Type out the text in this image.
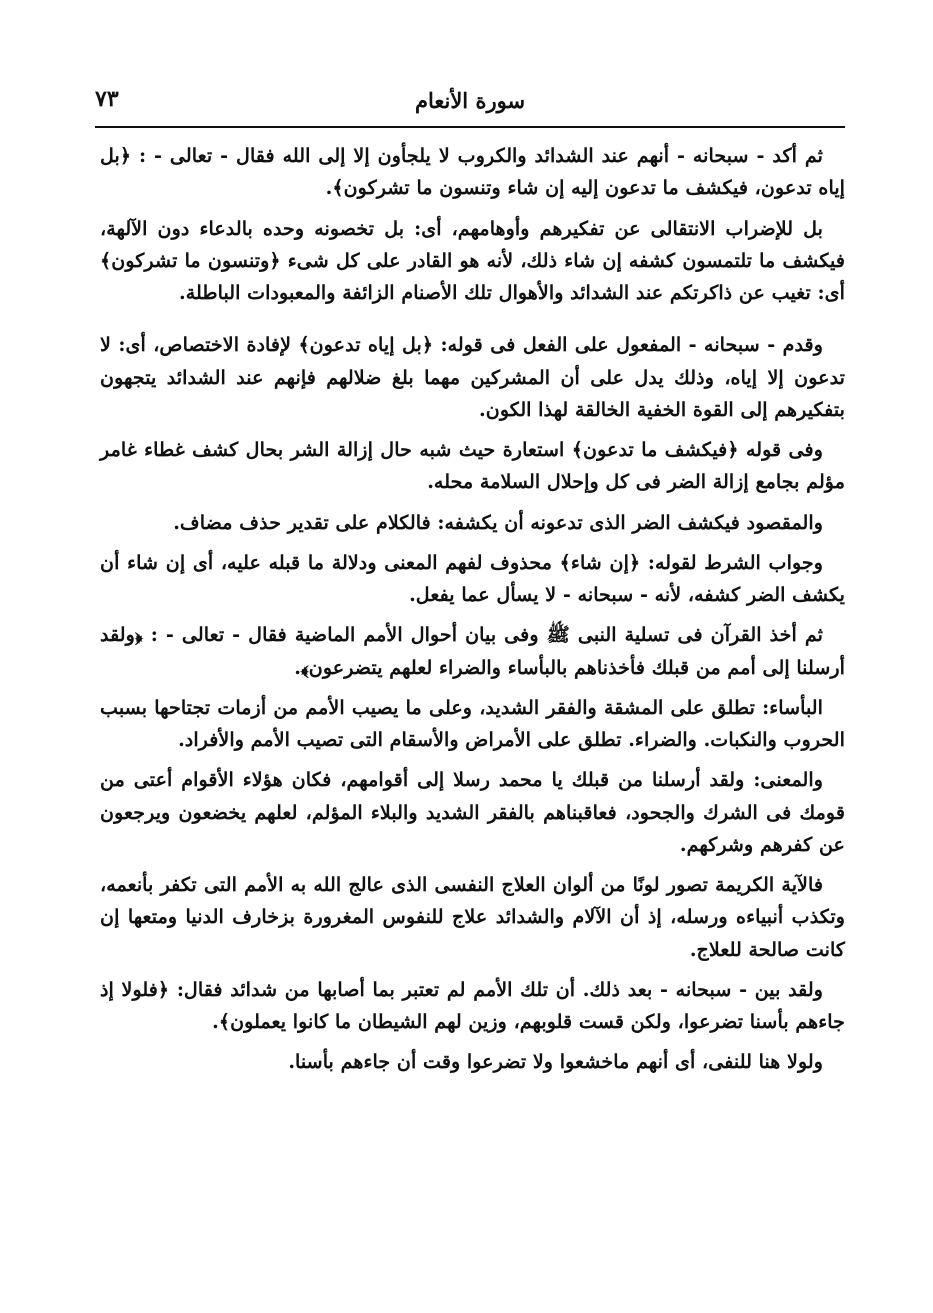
٧٣	سورة الأنعام

ثم أكد - سبحانه - أنهم عند الشدائد والكروب لا يلجأون إلا إلى الله فقال - تعالى - : ﴿بل إياه تدعون، فيكشف ما تدعون إليه إن شاء وتنسون ما تشركون﴾.

بل للإضراب الانتقالى عن تفكيرهم وأوهامهم، أى: بل تخصونه وحده بالدعاء دون الآلهة، فيكشف ما تلتمسون كشفه إن شاء ذلك، لأنه هو القادر على كل شىء ﴿وتنسون ما تشركون﴾ أى: تغيب عن ذاكرتكم عند الشدائد والأهوال تلك الأصنام الزائفة والمعبودات الباطلة.

وقدم - سبحانه - المفعول على الفعل فى قوله: ﴿بل إياه تدعون﴾ لإفادة الاختصاص، أى: لا تدعون إلا إياه، وذلك يدل على أن المشركين مهما بلغ ضلالهم فإنهم عند الشدائد يتجهون بتفكيرهم إلى القوة الخفية الخالقة لهذا الكون.

وفى قوله ﴿فيكشف ما تدعون﴾ استعارة حيث شبه حال إزالة الشر بحال كشف غطاء غامر مؤلم بجامع إزالة الضر فى كل وإحلال السلامة محله.

والمقصود فيكشف الضر الذى تدعونه أن يكشفه: فالكلام على تقدير حذف مضاف.

وجواب الشرط لقوله: ﴿إن شاء﴾ محذوف لفهم المعنى ودلالة ما قبله عليه، أى إن شاء أن يكشف الضر كشفه، لأنه - سبحانه - لا يسأل عما يفعل.

ثم أخذ القرآن فى تسلية النبى ﷺ وفى بيان أحوال الأمم الماضية فقال - تعالى - : ﴿ولقد أرسلنا إلى أمم من قبلك فأخذناهم بالبأساء والضراء لعلهم يتضرعون﴾.

البأساء: تطلق على المشقة والفقر الشديد، وعلى ما يصيب الأمم من أزمات تجتاحها بسبب الحروب والنكبات. والضراء. تطلق على الأمراض والأسقام التى تصيب الأمم والأفراد.

والمعنى: ولقد أرسلنا من قبلك يا محمد رسلا إلى أقوامهم، فكان هؤلاء الأقوام أعتى من قومك فى الشرك والجحود، فعاقبناهم بالفقر الشديد والبلاء المؤلم، لعلهم يخضعون ويرجعون عن كفرهم وشركهم.

فالآية الكريمة تصور لونًا من ألوان العلاج النفسى الذى عالج الله به الأمم التى تكفر بأنعمه، وتكذب أنبياءه ورسله، إذ أن الآلام والشدائد علاج للنفوس المغرورة بزخارف الدنيا ومتعها إن كانت صالحة للعلاج.

ولقد بين - سبحانه - بعد ذلك. أن تلك الأمم لم تعتبر بما أصابها من شدائد فقال: ﴿فلولا إذ جاءهم بأسنا تضرعوا، ولكن قست قلوبهم، وزين لهم الشيطان ما كانوا يعملون﴾.

ولولا هنا للنفى، أى أنهم ماخشعوا ولا تضرعوا وقت أن جاءهم بأسنا.
